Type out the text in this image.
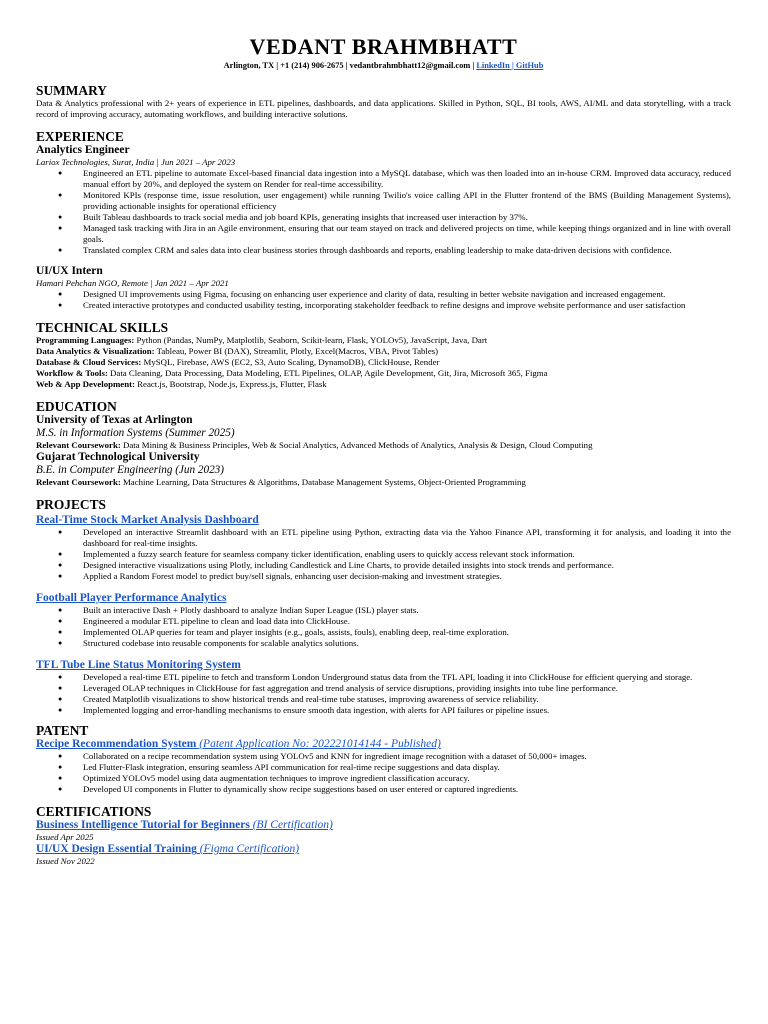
VEDANT BRAHMBHATT
Arlington, TX | +1 (214) 906-2675 | vedantbrahmbhatt12@gmail.com | LinkedIn | GitHub
SUMMARY

Data & Analytics professional with 2+ years of experience in ETL pipelines, dashboards, and data applications. Skilled in Python, SQL, BI tools, AWS, AI/ML and data storytelling, with a track record of improving accuracy, automating workflows, and building interactive solutions.

EXPERIENCE
Analytics Engineer
Lariox Technologies, Surat, India | Jun 2021 – Apr 2023
● Engineered an ETL pipeline to automate Excel-based financial data ingestion into a MySQL database, which was then loaded into an in-house CRM. Improved data accuracy, reduced manual effort by 20%, and deployed the system on Render for real-time accessibility.
● Monitored KPIs (response time, issue resolution, user engagement) while running Twilio's voice calling API in the Flutter frontend of the BMS (Building Management Systems), providing actionable insights for operational efficiency
● Built Tableau dashboards to track social media and job board KPIs, generating insights that increased user interaction by 37%.
● Managed task tracking with Jira in an Agile environment, ensuring that our team stayed on track and delivered projects on time, while keeping things organized and in line with overall goals.
● Translated complex CRM and sales data into clear business stories through dashboards and reports, enabling leadership to make data-driven decisions with confidence.
UI/UX Intern
Hamari Pehchan NGO, Remote | Jan 2021 – Apr 2021
● Designed UI improvements using Figma, focusing on enhancing user experience and clarity of data, resulting in better website navigation and increased engagement.
● Created interactive prototypes and conducted usability testing, incorporating stakeholder feedback to refine designs and improve website performance and user satisfaction
TECHNICAL SKILLS

Programming Languages: Python (Pandas, NumPy, Matplotlib, Seaborn, Scikit-learn, Flask, YOLOv5), JavaScript, Java, Dart

Data Analytics & Visualization: Tableau, Power BI (DAX), Streamlit, Plotly, Excel(Macros, VBA, Pivot Tables)

Database & Cloud Services: MySQL, Firebase, AWS (EC2, S3, Auto Scaling, DynamoDB), ClickHouse, Render

Workflow & Tools: Data Cleaning, Data Processing, Data Modeling, ETL Pipelines, OLAP, Agile Development, Git, Jira, Microsoft 365, Figma

Web & App Development: React.js, Bootstrap, Node.js, Express.js, Flutter, Flask

EDUCATION
University of Texas at Arlington
M.S. in Information Systems (Summer 2025)

Relevant Coursework: Data Mining & Business Principles, Web & Social Analytics, Advanced Methods of Analytics, Analysis & Design, Cloud Computing

Gujarat Technological University
B.E. in Computer Engineering (Jun 2023)

Relevant Coursework: Machine Learning, Data Structures & Algorithms, Database Management Systems, Object-Oriented Programming

PROJECTS
Real-Time Stock Market Analysis Dashboard
● Developed an interactive Streamlit dashboard with an ETL pipeline using Python, extracting data via the Yahoo Finance API, transforming it for analysis, and loading it into the dashboard for real-time insights.
● Implemented a fuzzy search feature for seamless company ticker identification, enabling users to quickly access relevant stock information.
● Designed interactive visualizations using Plotly, including Candlestick and Line Charts, to provide detailed insights into stock trends and performance.
● Applied a Random Forest model to predict buy/sell signals, enhancing user decision-making and investment strategies.
Football Player Performance Analytics
● Built an interactive Dash + Plotly dashboard to analyze Indian Super League (ISL) player stats.
● Engineered a modular ETL pipeline to clean and load data into ClickHouse.
● Implemented OLAP queries for team and player insights (e.g., goals, assists, fouls), enabling deep, real-time exploration.
● Structured codebase into reusable components for scalable analytics solutions.
TFL Tube Line Status Monitoring System
● Developed a real-time ETL pipeline to fetch and transform London Underground status data from the TFL API, loading it into ClickHouse for efficient querying and storage.
● Leveraged OLAP techniques in ClickHouse for fast aggregation and trend analysis of service disruptions, providing insights into tube line performance.
● Created Matplotlib visualizations to show historical trends and real-time tube statuses, improving awareness of service reliability.
● Implemented logging and error-handling mechanisms to ensure smooth data ingestion, with alerts for API failures or pipeline issues.
PATENT
Recipe Recommendation System (Patent Application No: 202221014144 - Published)
● Collaborated on a recipe recommendation system using YOLOv5 and KNN for ingredient image recognition with a dataset of 50,000+ images.
● Led Flutter-Flask integration, ensuring seamless API communication for real-time recipe suggestions and data display.
● Optimized YOLOv5 model using data augmentation techniques to improve ingredient classification accuracy.
● Developed UI components in Flutter to dynamically show recipe suggestions based on user entered or captured ingredients.
CERTIFICATIONS
Business Intelligence Tutorial for Beginners (BI Certification)
Issued Apr 2025
UI/UX Design Essential Training (Figma Certification)
Issued Nov 2022
